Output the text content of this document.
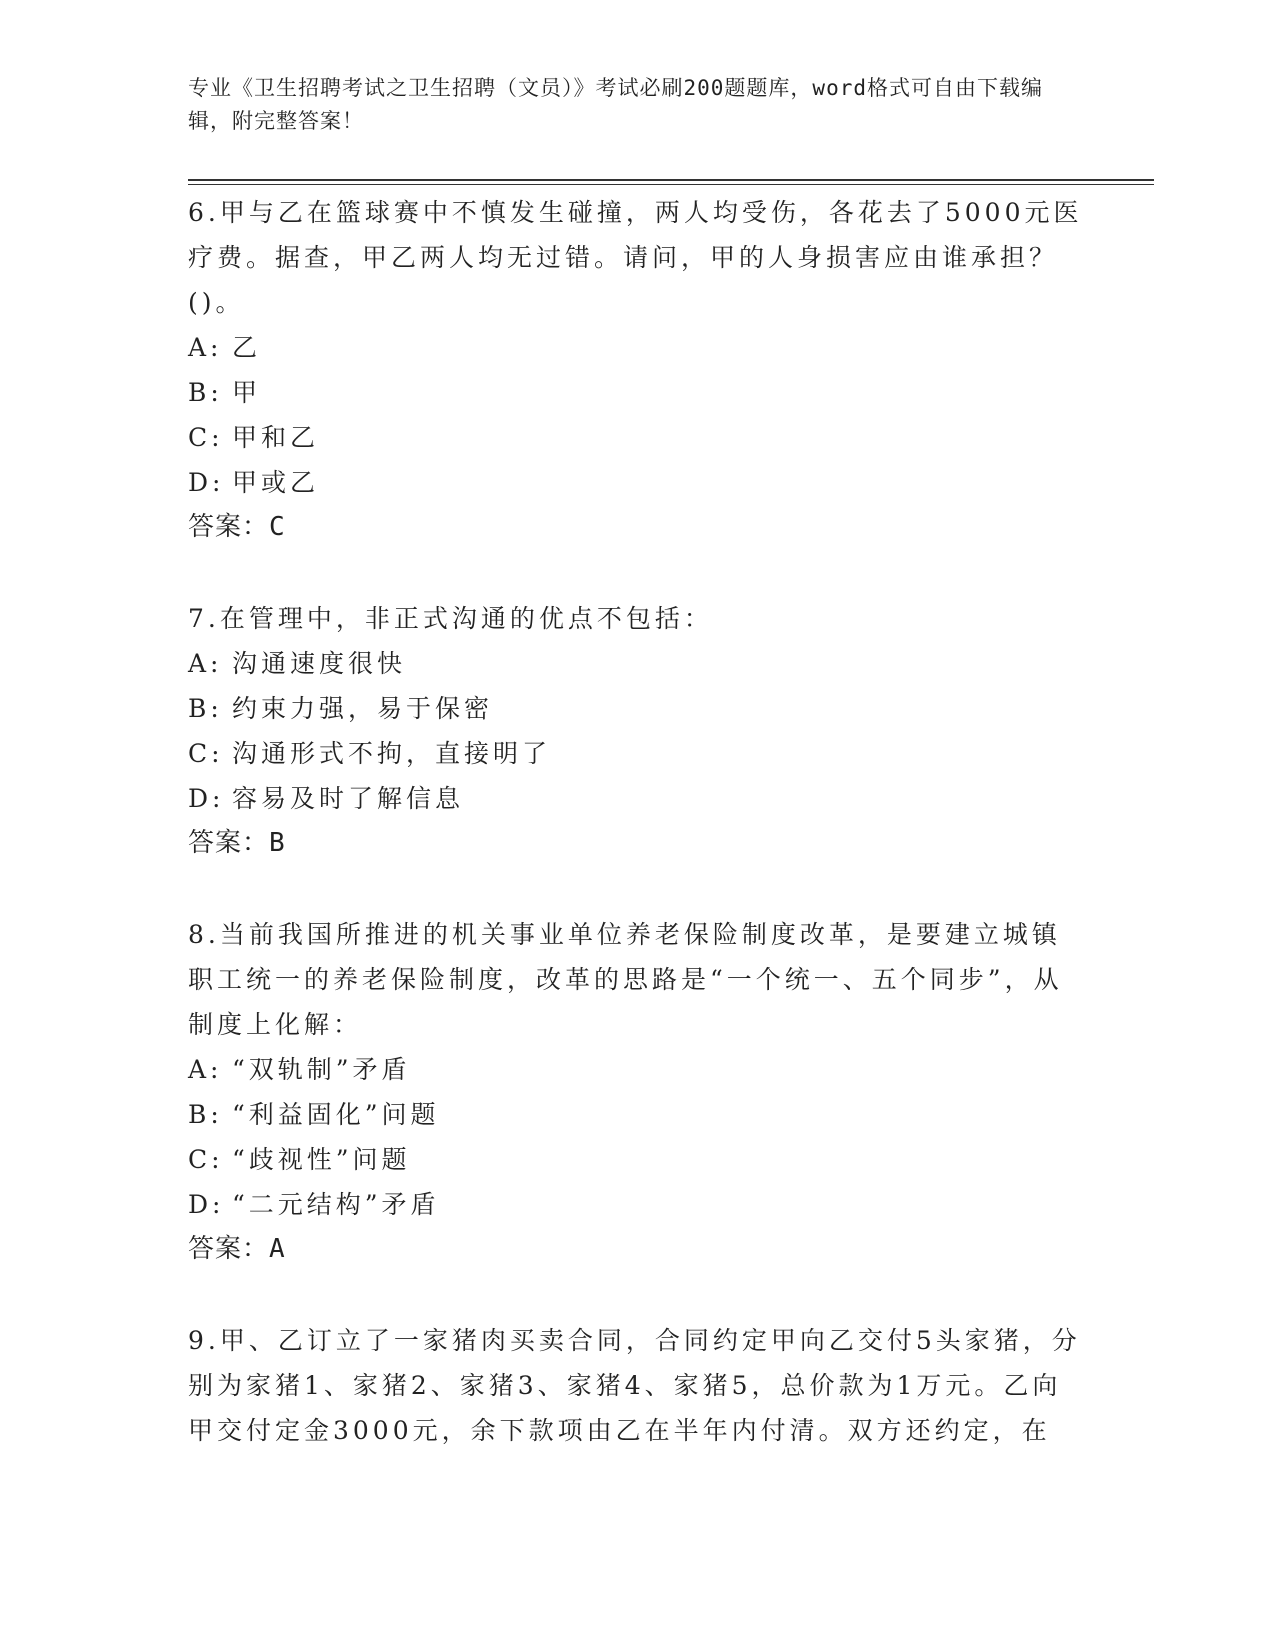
专业《卫生招聘考试之卫生招聘（文员）》考试必刷200题题库，word格式可自由下载编辑，附完整答案！

6.甲与乙在篮球赛中不慎发生碰撞，两人均受伤，各花去了5000元医疗费。据查，甲乙两人均无过错。请问，甲的人身损害应由谁承担？()。

A: 乙

B: 甲

C: 甲和乙

D: 甲或乙

答案：C

7.在管理中，非正式沟通的优点不包括：

A: 沟通速度很快

B: 约束力强，易于保密

C: 沟通形式不拘，直接明了

D: 容易及时了解信息

答案：B

8.当前我国所推进的机关事业单位养老保险制度改革，是要建立城镇职工统一的养老保险制度，改革的思路是“一个统一、五个同步”，从制度上化解：

A: “双轨制”矛盾

B: “利益固化”问题

C: “歧视性”问题

D: “二元结构”矛盾

答案：A

9.甲、乙订立了一家猪肉买卖合同，合同约定甲向乙交付5头家猪，分别为家猪1、家猪2、家猪3、家猪4、家猪5，总价款为1万元。乙向甲交付定金3000元，余下款项由乙在半年内付清。双方还约定，在
